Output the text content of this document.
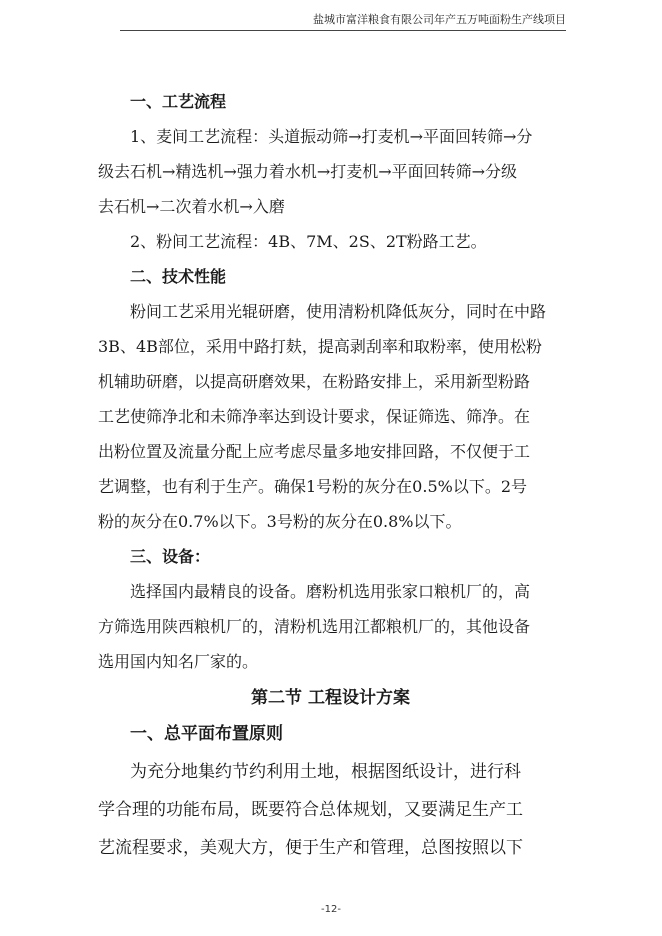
盐城市富洋粮食有限公司年产五万吨面粉生产线项目
一、工艺流程
1、麦间工艺流程：头道振动筛→打麦机→平面回转筛→分
级去石机→精选机→强力着水机→打麦机→平面回转筛→分级
去石机→二次着水机→入磨
2、粉间工艺流程：4B、7M、2S、2T粉路工艺。
二、技术性能
粉间工艺采用光辊研磨，使用清粉机降低灰分，同时在中路
3B、4B部位，采用中路打麸，提高剥刮率和取粉率，使用松粉
机辅助研磨，以提高研磨效果，在粉路安排上，采用新型粉路
工艺使筛净北和未筛净率达到设计要求，保证筛选、筛净。在
出粉位置及流量分配上应考虑尽量多地安排回路，不仅便于工
艺调整，也有利于生产。确保1号粉的灰分在0.5%以下。2号
粉的灰分在0.7%以下。3号粉的灰分在0.8%以下。
三、设备：
选择国内最精良的设备。磨粉机选用张家口粮机厂的，高
方筛选用陕西粮机厂的，清粉机选用江都粮机厂的，其他设备
选用国内知名厂家的。
第二节 工程设计方案
一、总平面布置原则
为充分地集约节约利用土地，根据图纸设计，进行科
学合理的功能布局，既要符合总体规划，又要满足生产工
艺流程要求，美观大方，便于生产和管理，总图按照以下
-12-
